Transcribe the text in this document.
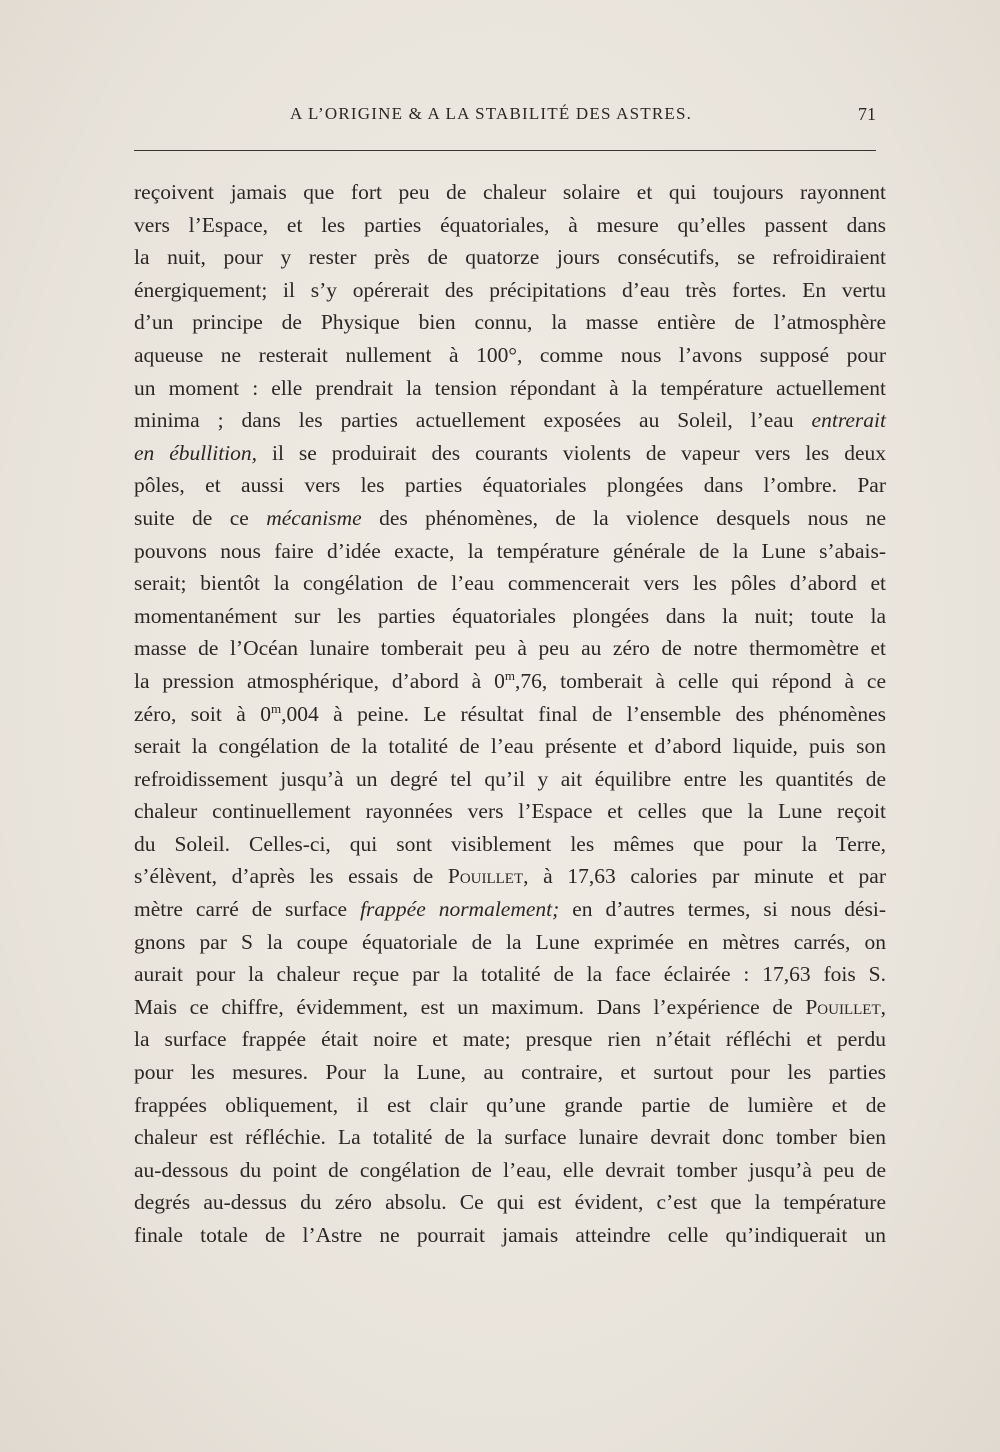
A L’ORIGINE & A LA STABILITÉ DES ASTRES.	71
reçoivent jamais que fort peu de chaleur solaire et qui toujours rayonnent
vers l’Espace, et les parties équatoriales, à mesure qu’elles passent dans
la nuit, pour y rester près de quatorze jours consécutifs, se refroidiraient
énergiquement; il s’y opérerait des précipitations d’eau très fortes. En vertu
d’un principe de Physique bien connu, la masse entière de l’atmosphère
aqueuse ne resterait nullement à 100°, comme nous l’avons supposé pour
un moment : elle prendrait la tension répondant à la température actuellement
minima ; dans les parties actuellement exposées au Soleil, l’eau entrerait
en ébullition, il se produirait des courants violents de vapeur vers les deux
pôles, et aussi vers les parties équatoriales plongées dans l’ombre. Par
suite de ce mécanisme des phénomènes, de la violence desquels nous ne
pouvons nous faire d’idée exacte, la température générale de la Lune s’abais-
serait; bientôt la congélation de l’eau commencerait vers les pôles d’abord et
momentanément sur les parties équatoriales plongées dans la nuit; toute la
masse de l’Océan lunaire tomberait peu à peu au zéro de notre thermomètre et
la pression atmosphérique, d’abord à 0$^m$,76, tomberait à celle qui répond à ce
zéro, soit à 0$^m$,004 à peine. Le résultat final de l’ensemble des phénomènes
serait la congélation de la totalité de l’eau présente et d’abord liquide, puis son
refroidissement jusqu’à un degré tel qu’il y ait équilibre entre les quantités de
chaleur continuellement rayonnées vers l’Espace et celles que la Lune reçoit
du Soleil. Celles-ci, qui sont visiblement les mêmes que pour la Terre,
s’élèvent, d’après les essais de Pouillet, à 17,63 calories par minute et par
mètre carré de surface frappée normalement; en d’autres termes, si nous dési-
gnons par S la coupe équatoriale de la Lune exprimée en mètres carrés, on
aurait pour la chaleur reçue par la totalité de la face éclairée : 17,63 fois S.
Mais ce chiffre, évidemment, est un maximum. Dans l’expérience de Pouillet,
la surface frappée était noire et mate; presque rien n’était réfléchi et perdu
pour les mesures. Pour la Lune, au contraire, et surtout pour les parties
frappées obliquement, il est clair qu’une grande partie de lumière et de
chaleur est réfléchie. La totalité de la surface lunaire devrait donc tomber bien
au-dessous du point de congélation de l’eau, elle devrait tomber jusqu’à peu de
degrés au-dessus du zéro absolu. Ce qui est évident, c’est que la température
finale totale de l’Astre ne pourrait jamais atteindre celle qu’indiquerait un
